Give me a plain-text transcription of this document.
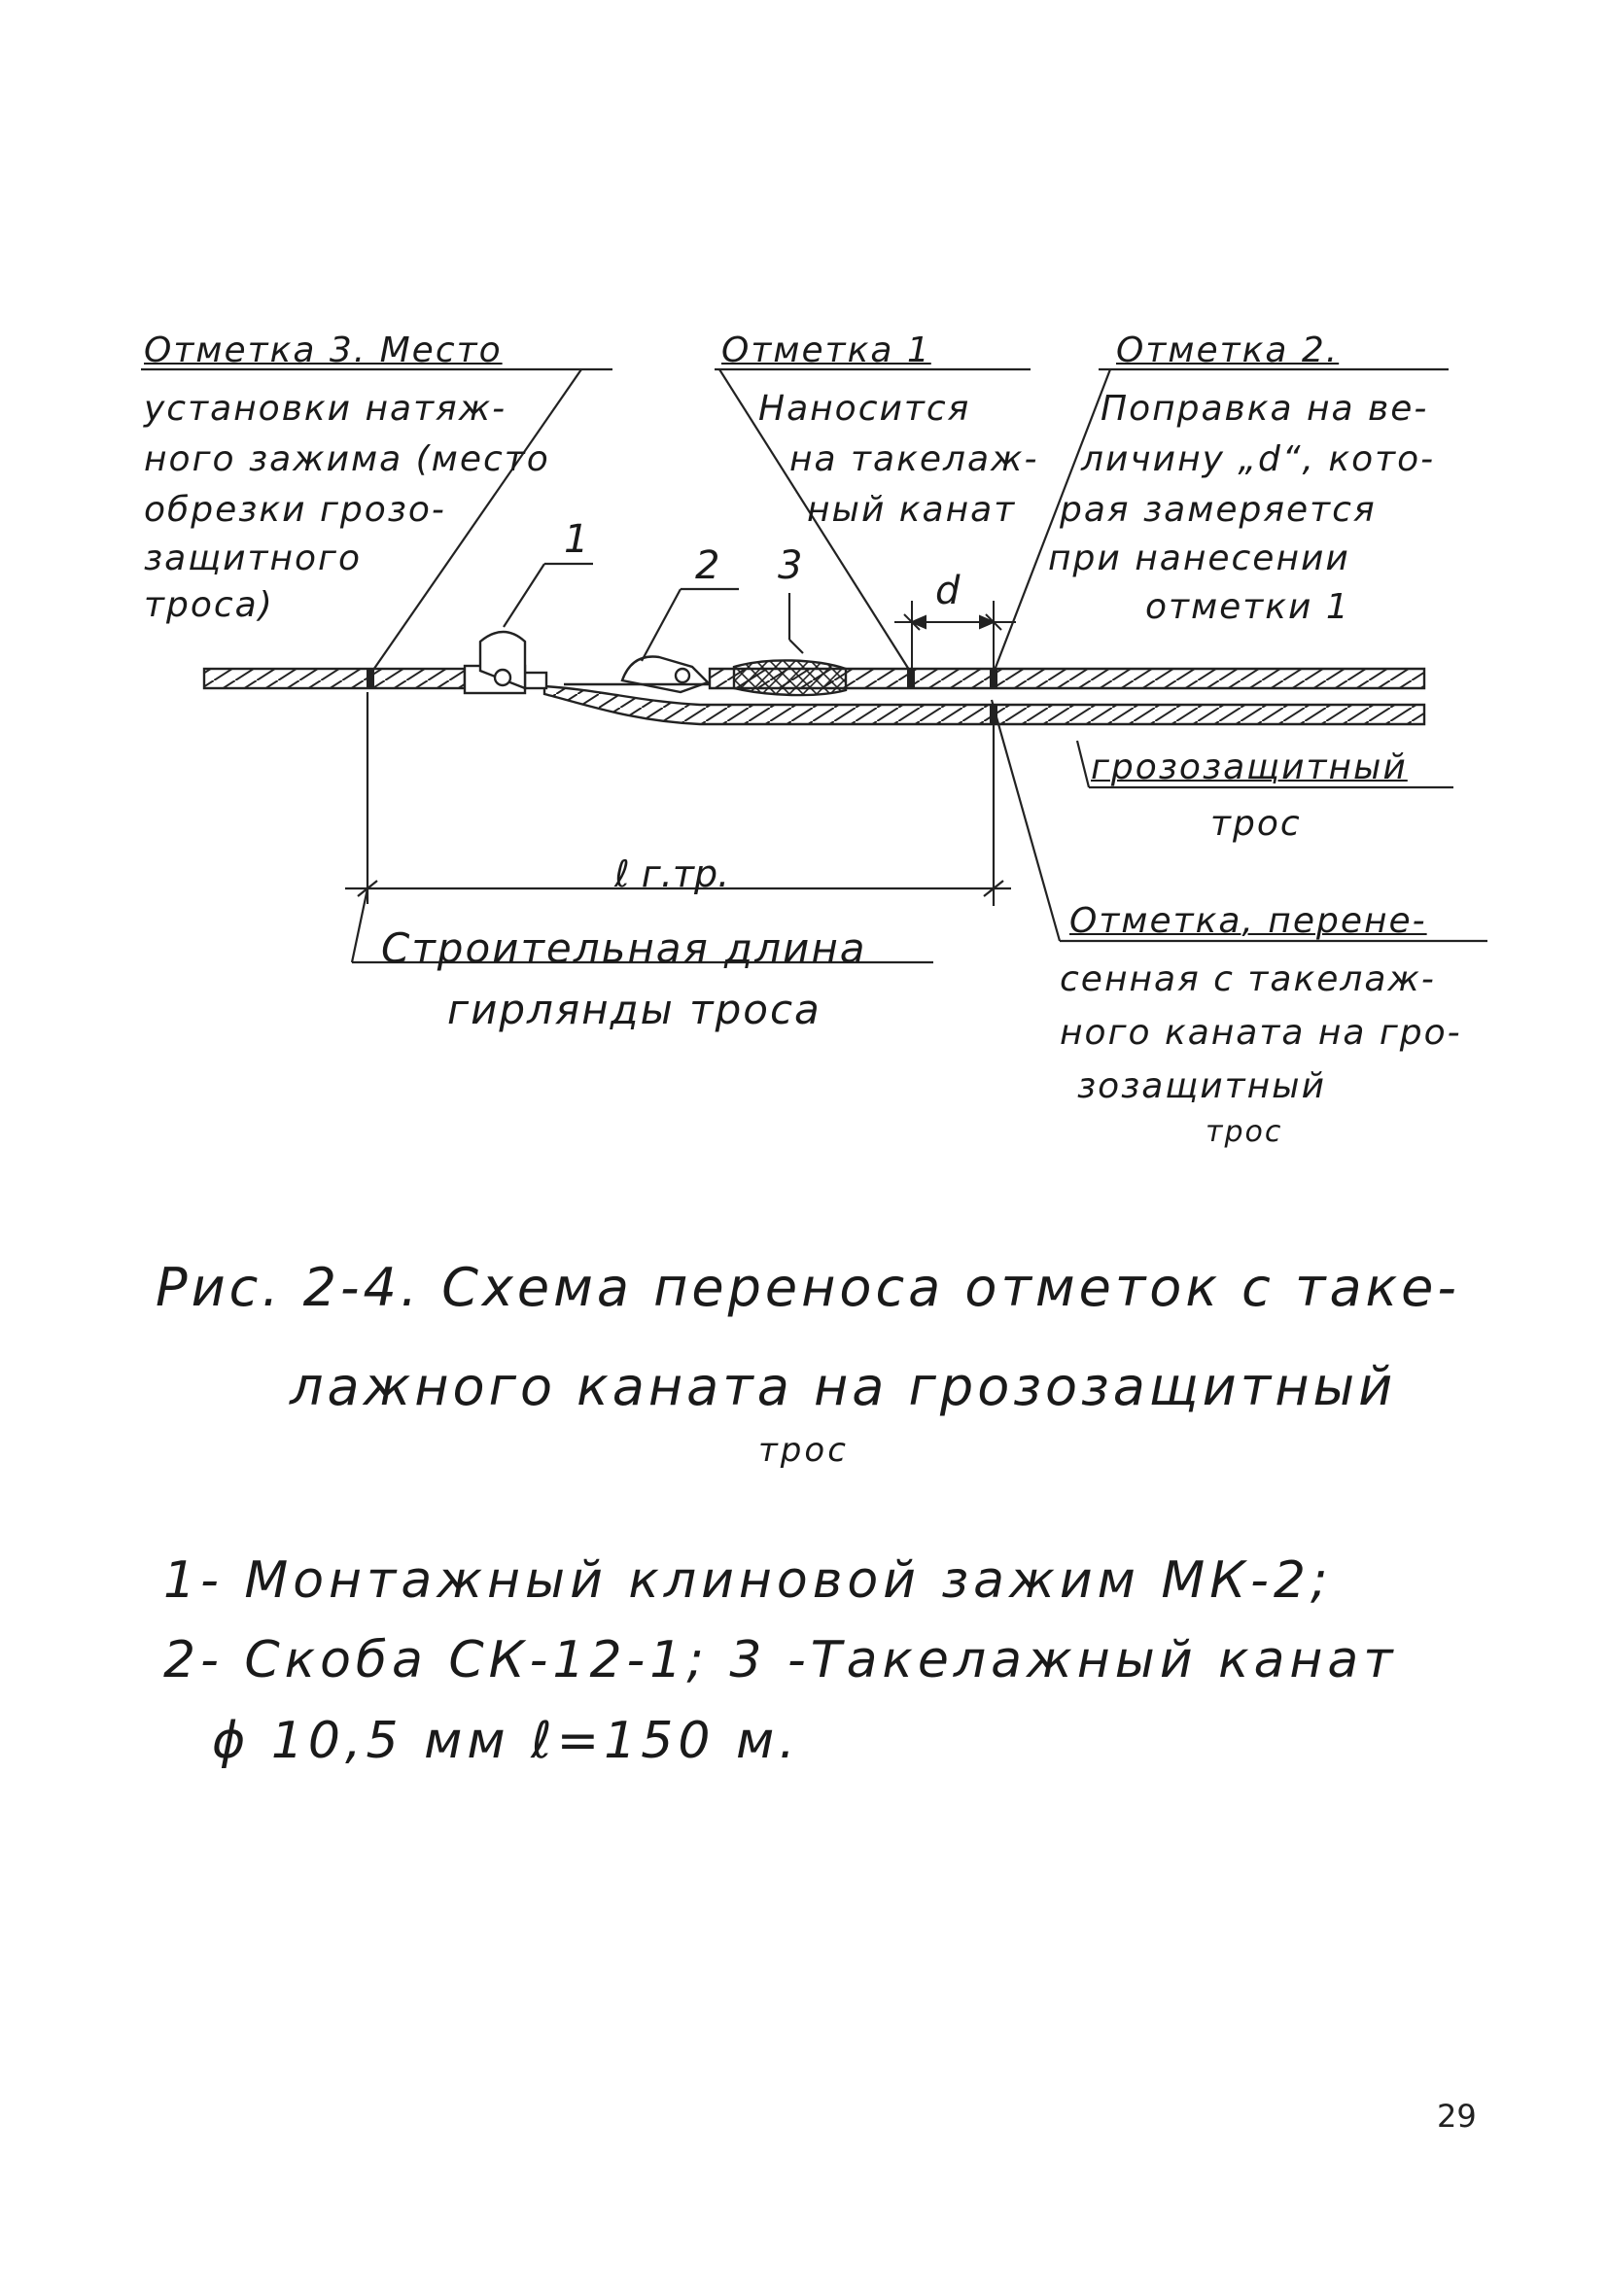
Отметка 3. Место
установки натяж-
ного зажима (место
обрезки грозо-
защитного
троса)
Отметка 1
Наносится
на такелаж-
ный канат
Отметка 2.
Поправка на ве-
личину „d“, кото-
рая замеряется
при нанесении
отметки 1
1
2 3
d
грозозащитный
трос
ℓ г.тр.
Строительная длина
гирлянды троса
Отметка, перене-
сенная с такелаж-
ного каната на гро-
зозащитный
трос
Рис. 2-4. Схема переноса отметок с таке-
лажного каната на грозозащитный
трос
1- Монтажный клиновой зажим МК-2;
2- Скоба СК-12-1; 3 -Такелажный канат
ϕ 10,5 мм ℓ=150 м.
29
